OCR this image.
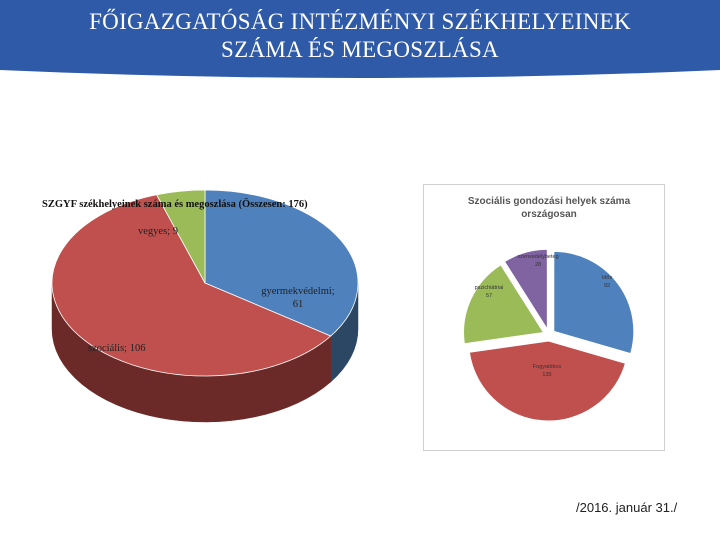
FŐIGAZGATÓSÁG INTÉZMÉNYI SZÉKHELYEINEK
SZÁMA ÉS MEGOSZLÁSA
SZGYF székhelyeinek száma és megoszlása (Összesen: 176)
gyermekvédelmi; 61
szociális; 106
vegyes; 9
Szociális gondozási helyek száma
országosan
Idős 92
Fogyatékos 135
pszichiátriai 57
szenvedélybeteg 28
/2016. január 31./
